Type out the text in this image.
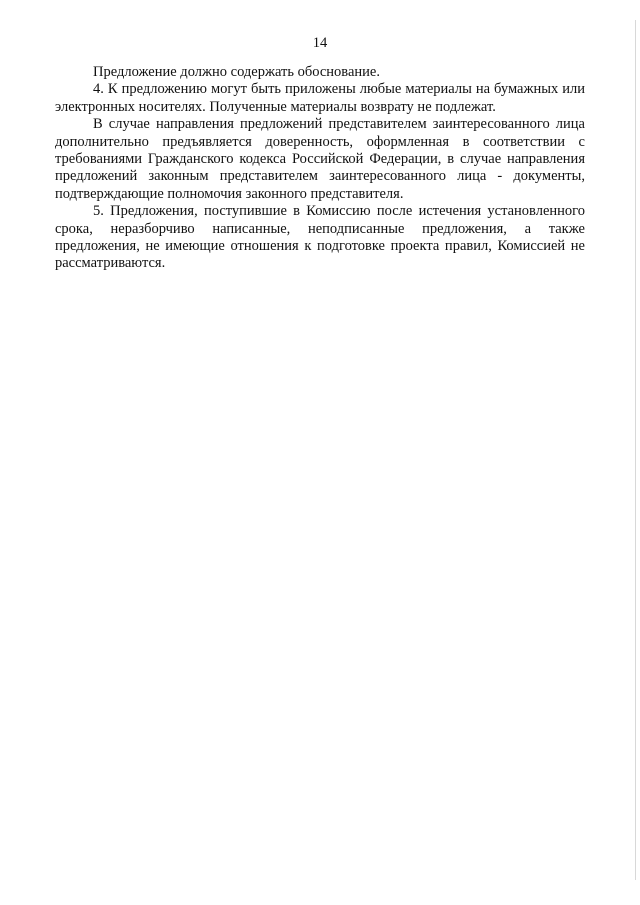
14

Предложение должно содержать обоснование.

4. К предложению могут быть приложены любые материалы на бумажных или электронных носителях. Полученные материалы возврату не подлежат.

В случае направления предложений представителем заинтересованного лица дополнительно предъявляется доверенность, оформленная в соответствии с требованиями Гражданского кодекса Российской Федерации, в случае направления предложений законным представителем заинтересованного лица - документы, подтверждающие полномочия законного представителя.

5. Предложения, поступившие в Комиссию после истечения установленного срока, неразборчиво написанные, неподписанные предложения, а также предложения, не имеющие отношения к подготовке проекта правил, Комиссией не рассматриваются.
